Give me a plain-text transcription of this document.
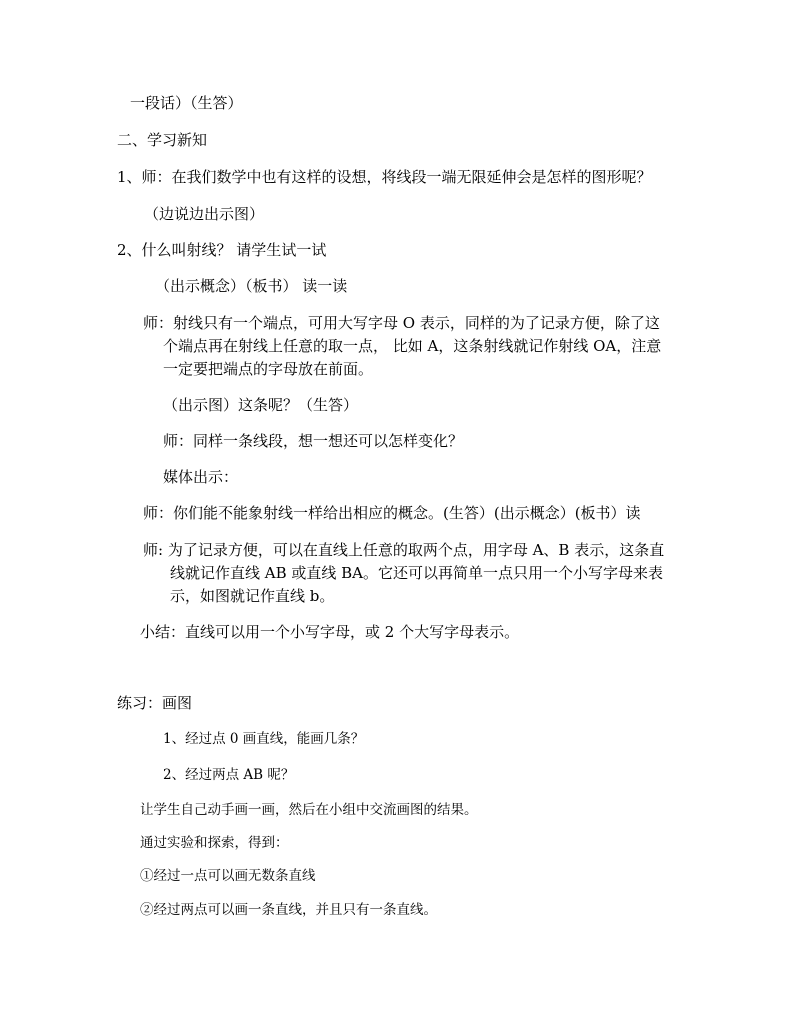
一段话）（生答）
二、学习新知
1、师：在我们数学中也有这样的设想，将线段一端无限延伸会是怎样的图形呢？
（边说边出示图）
2、什么叫射线？ 请学生试一试
（出示概念）（板书） 读一读
师：射线只有一个端点，可用大写字母 O 表示，同样的为了记录方便，除了这
个端点再在射线上任意的取一点， 比如 A，这条射线就记作射线 OA，注意
一定要把端点的字母放在前面。
（出示图）这条呢？（生答）
师：同样一条线段，想一想还可以怎样变化？
媒体出示：
师：你们能不能象射线一样给出相应的概念。(生答）(出示概念）(板书）读
师: 为了记录方便，可以在直线上任意的取两个点，用字母 A、B 表示，这条直
线就记作直线 AB 或直线 BA。它还可以再简单一点只用一个小写字母来表
示，如图就记作直线 b。
小结：直线可以用一个小写字母，或 2 个大写字母表示。
练习：画图
1、经过点 0 画直线，能画几条？
2、经过两点 AB 呢？
让学生自己动手画一画，然后在小组中交流画图的结果。
通过实验和探索，得到：
①经过一点可以画无数条直线
②经过两点可以画一条直线，并且只有一条直线。
